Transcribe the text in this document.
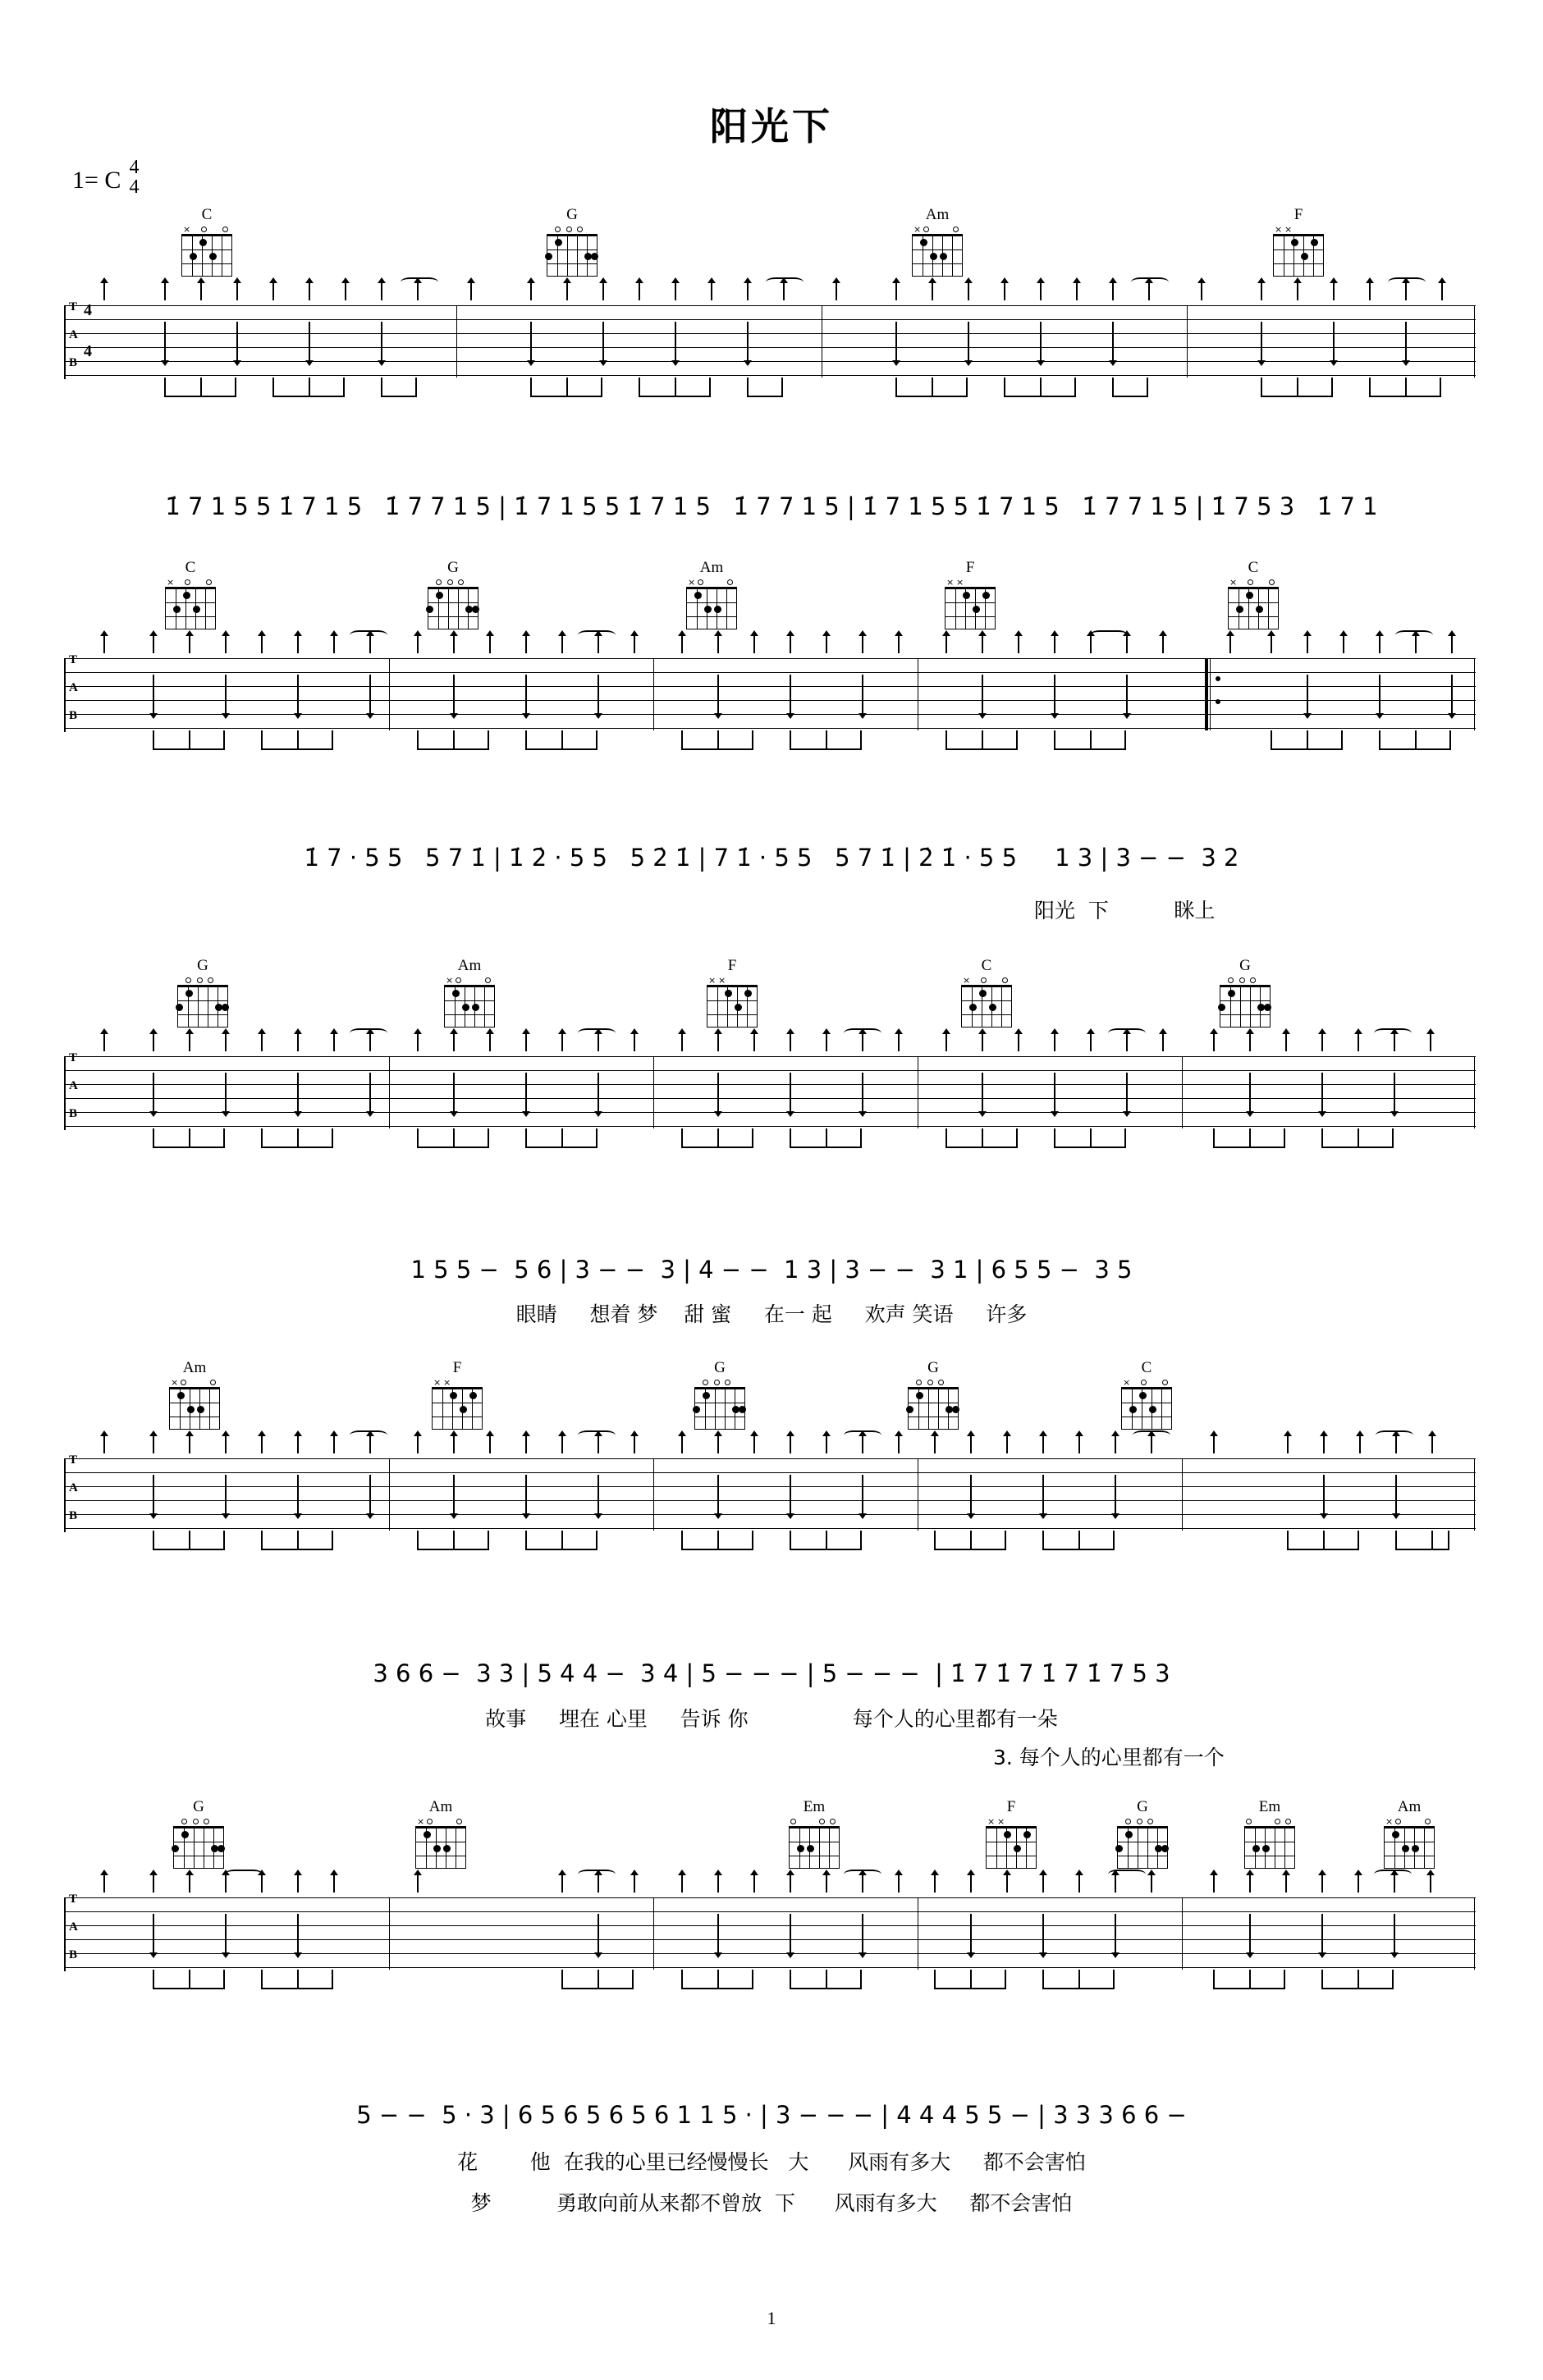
阳光下
1= C 4
4
C
×
G	Am
×
F
× ×
T
A
B
4
4
1̇ 7 1 5 5 1̇ 7 1 5   1̇ 7 7 1 5 | 1̇ 7 1 5 5 1̇ 7 1 5   1̇ 7 7 1 5 | 1̇ 7 1 5 5 1̇ 7 1 5   1̇ 7 7 1 5 | 1̇ 7 5 3   1̇ 7 1
C
×
G	Am
×
F
× ×
C
×
T
A
B
1̇ 7 · 5 5   5 7 1̇ | 1̇ 2̇ · 5 5   5 2̇ 1̇ | 7 1̇ · 5 5   5 7 1̇ | 2̇ 1̇ · 5 5     1 3 | 3 − −  3 2
阳光  下          眯上
G	Am
×
F
× ×
C
×
G
T
A
B
1 5 5 −  5 6 | 3 − −  3 | 4 − −  1 3 | 3 − −  3 1 | 6 5 5 −  3 5
眼睛     想着 梦    甜 蜜     在一 起     欢声 笑语     许多
Am
×
F
× ×
G	G	C
×
T
A
B
3 6 6 −  3 3 | 5 4 4 −  3 4 | 5 − − − | 5 − − −  | 1̇ 7 1̇ 7 1̇ 7 1̇ 7 5 3
故事     埋在 心里     告诉 你                每个人的心里都有一朵
3. 每个人的心里都有一个
G	Am
×
Em	F
× ×
G	Em	Am
×
T
A
B
5 − −  5 · 3 | 6 5 6 5 6 5 6 1 1 5 · | 3 − − − | 4 4 4 5 5 − | 3 3 3 6 6 −
花        他  在我的心里已经慢慢长   大      风雨有多大     都不会害怕
梦          勇敢向前从来都不曾放  下      风雨有多大     都不会害怕
1
